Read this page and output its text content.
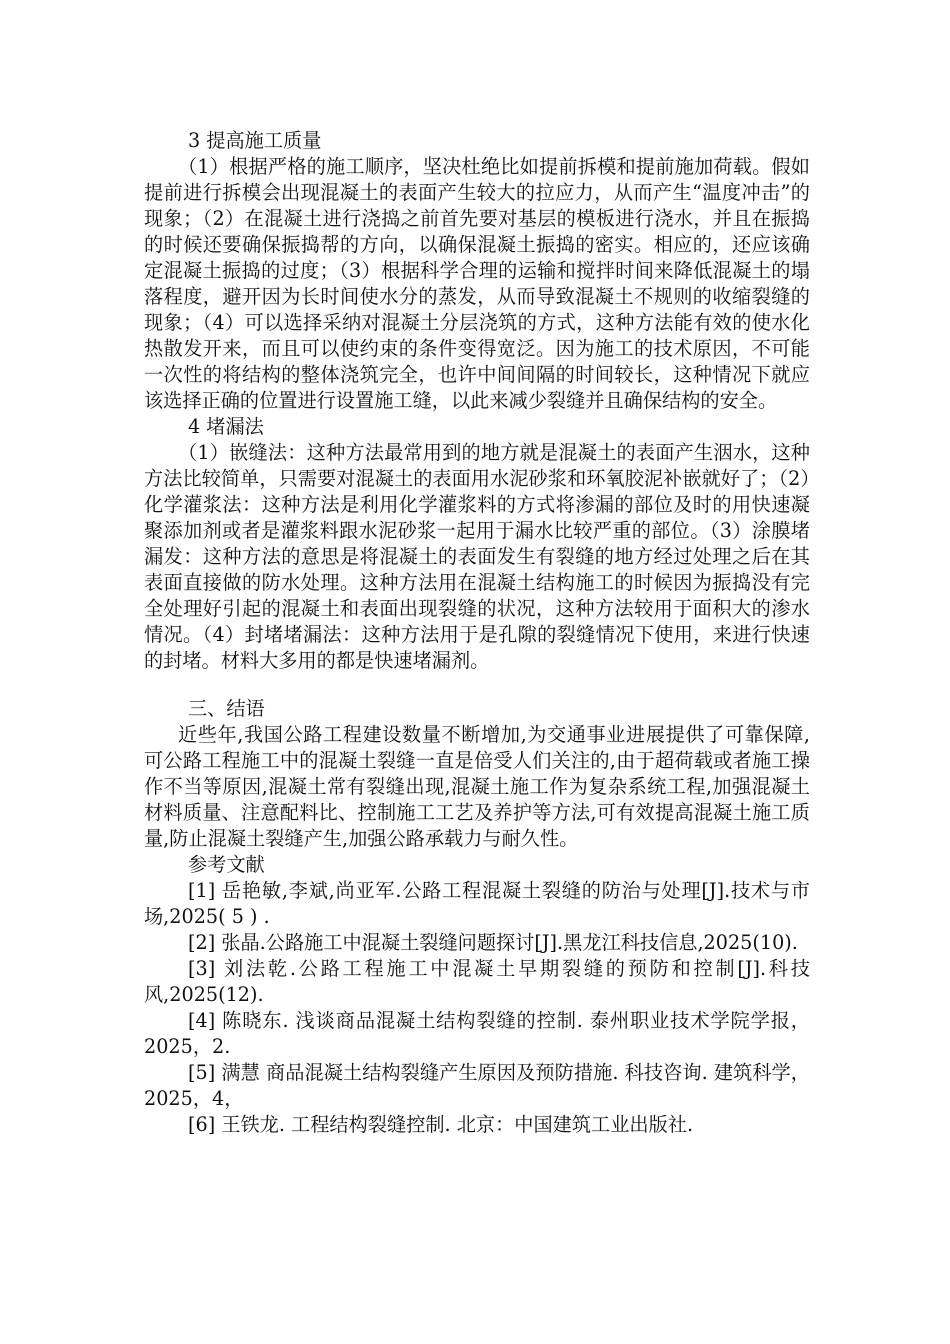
3 提高施工质量

（1）根据严格的施工顺序，坚决杜绝比如提前拆模和提前施加荷载。假如提前进行拆模会出现混凝土的表面产生较大的拉应力，从而产生“温度冲击”的现象；（2）在混凝土进行浇捣之前首先要对基层的模板进行浇水，并且在振捣的时候还要确保振捣帮的方向，以确保混凝土振捣的密实。相应的，还应该确定混凝土振捣的过度；（3）根据科学合理的运输和搅拌时间来降低混凝土的塌落程度，避开因为长时间使水分的蒸发，从而导致混凝土不规则的收缩裂缝的现象；（4）可以选择采纳对混凝土分层浇筑的方式，这种方法能有效的使水化热散发开来，而且可以使约束的条件变得宽泛。因为施工的技术原因，不可能一次性的将结构的整体浇筑完全，也许中间间隔的时间较长，这种情况下就应该选择正确的位置进行设置施工缝，以此来减少裂缝并且确保结构的安全。

4 堵漏法

（1）嵌缝法：这种方法最常用到的地方就是混凝土的表面产生洇水，这种方法比较简单，只需要对混凝土的表面用水泥砂浆和环氧胶泥补嵌就好了；（2）化学灌浆法：这种方法是利用化学灌浆料的方式将渗漏的部位及时的用快速凝聚添加剂或者是灌浆料跟水泥砂浆一起用于漏水比较严重的部位。（3）涂膜堵漏发：这种方法的意思是将混凝土的表面发生有裂缝的地方经过处理之后在其表面直接做的防水处理。这种方法用在混凝土结构施工的时候因为振捣没有完全处理好引起的混凝土和表面出现裂缝的状况，这种方法较用于面积大的渗水情况。（4）封堵堵漏法：这种方法用于是孔隙的裂缝情况下使用，来进行快速的封堵。材料大多用的都是快速堵漏剂。

三、结语

近些年,我国公路工程建设数量不断增加,为交通事业进展提供了可靠保障,可公路工程施工中的混凝土裂缝一直是倍受人们关注的,由于超荷载或者施工操作不当等原因,混凝土常有裂缝出现,混凝土施工作为复杂系统工程,加强混凝土材料质量、注意配料比、控制施工工艺及养护等方法,可有效提高混凝土施工质量,防止混凝土裂缝产生,加强公路承载力与耐久性。

参考文献

[1] 岳艳敏,李斌,尚亚军.公路工程混凝土裂缝的防治与处理[J].技术与市场,2025( 5 ) .

[2] 张晶.公路施工中混凝土裂缝问题探讨[J].黑龙江科技信息,2025(10).

[3] 刘法乾.公路工程施工中混凝土早期裂缝的预防和控制[J].科技风,2025(12).

[4] 陈晓东. 浅谈商品混凝土结构裂缝的控制. 泰州职业技术学院学报，2025，2.

[5] 满慧 商品混凝土结构裂缝产生原因及预防措施. 科技咨询. 建筑科学， 2025，4，

[6] 王铁龙. 工程结构裂缝控制. 北京：中国建筑工业出版社.
